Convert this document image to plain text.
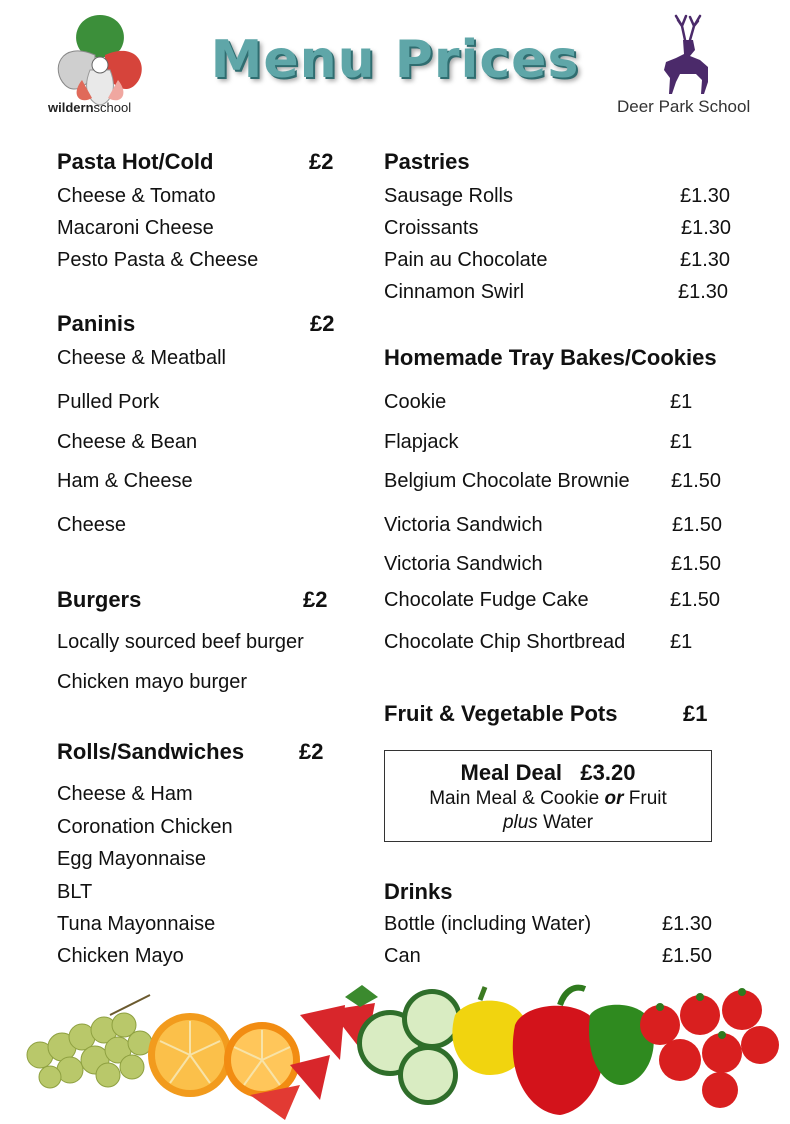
wildernschool
Menu Prices
Deer Park School
Pasta Hot/Cold	£2
Cheese & Tomato
Macaroni Cheese
Pesto Pasta & Cheese
Paninis	£2
Cheese & Meatball
Pulled Pork
Cheese & Bean
Ham & Cheese
Cheese
Burgers	£2
Locally sourced beef burger
Chicken mayo burger
Rolls/Sandwiches £2
Cheese & Ham
Coronation Chicken
Egg Mayonnaise
BLT
Tuna Mayonnaise
Chicken Mayo
Pastries
Sausage Rolls	£1.30
Croissants	£1.30
Pain au Chocolate	£1.30
Cinnamon Swirl	£1.30
Homemade Tray Bakes/Cookies
Cookie	£1
Flapjack	£1
Belgium Chocolate Brownie £1.50
Victoria Sandwich	£1.50
Victoria Sandwich	£1.50
Chocolate Fudge Cake	£1.50
Chocolate Chip Shortbread £1
Fruit & Vegetable Pots	£1
Meal Deal   £3.20
Main Meal & Cookie or Fruit
plus Water
Drinks
Bottle (including Water)	£1.30
Can	£1.50
